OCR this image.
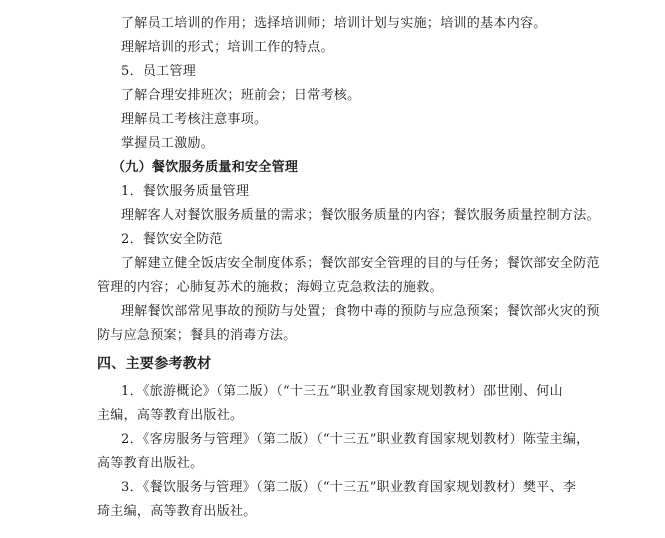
了解员工培训的作用；选择培训师；培训计划与实施；培训的基本内容。
理解培训的形式；培训工作的特点。
5．员工管理
了解合理安排班次；班前会；日常考核。
理解员工考核注意事项。
掌握员工激励。
（九）餐饮服务质量和安全管理
1．餐饮服务质量管理
理解客人对餐饮服务质量的需求；餐饮服务质量的内容；餐饮服务质量控制方法。
2．餐饮安全防范
了解建立健全饭店安全制度体系；餐饮部安全管理的目的与任务；餐饮部安全防范
管理的内容；心肺复苏术的施救；海姆立克急救法的施救。
理解餐饮部常见事故的预防与处置；食物中毒的预防与应急预案；餐饮部火灾的预
防与应急预案；餐具的消毒方法。
四、主要参考教材
1．《旅游概论》（第二版）（“十三五”职业教育国家规划教材）邵世刚、何山
主编，高等教育出版社。
2．《客房服务与管理》（第二版）（“十三五”职业教育国家规划教材）陈莹主编，
高等教育出版社。
3．《餐饮服务与管理》（第二版）（“十三五”职业教育国家规划教材）樊平、李
琦主编，高等教育出版社。
